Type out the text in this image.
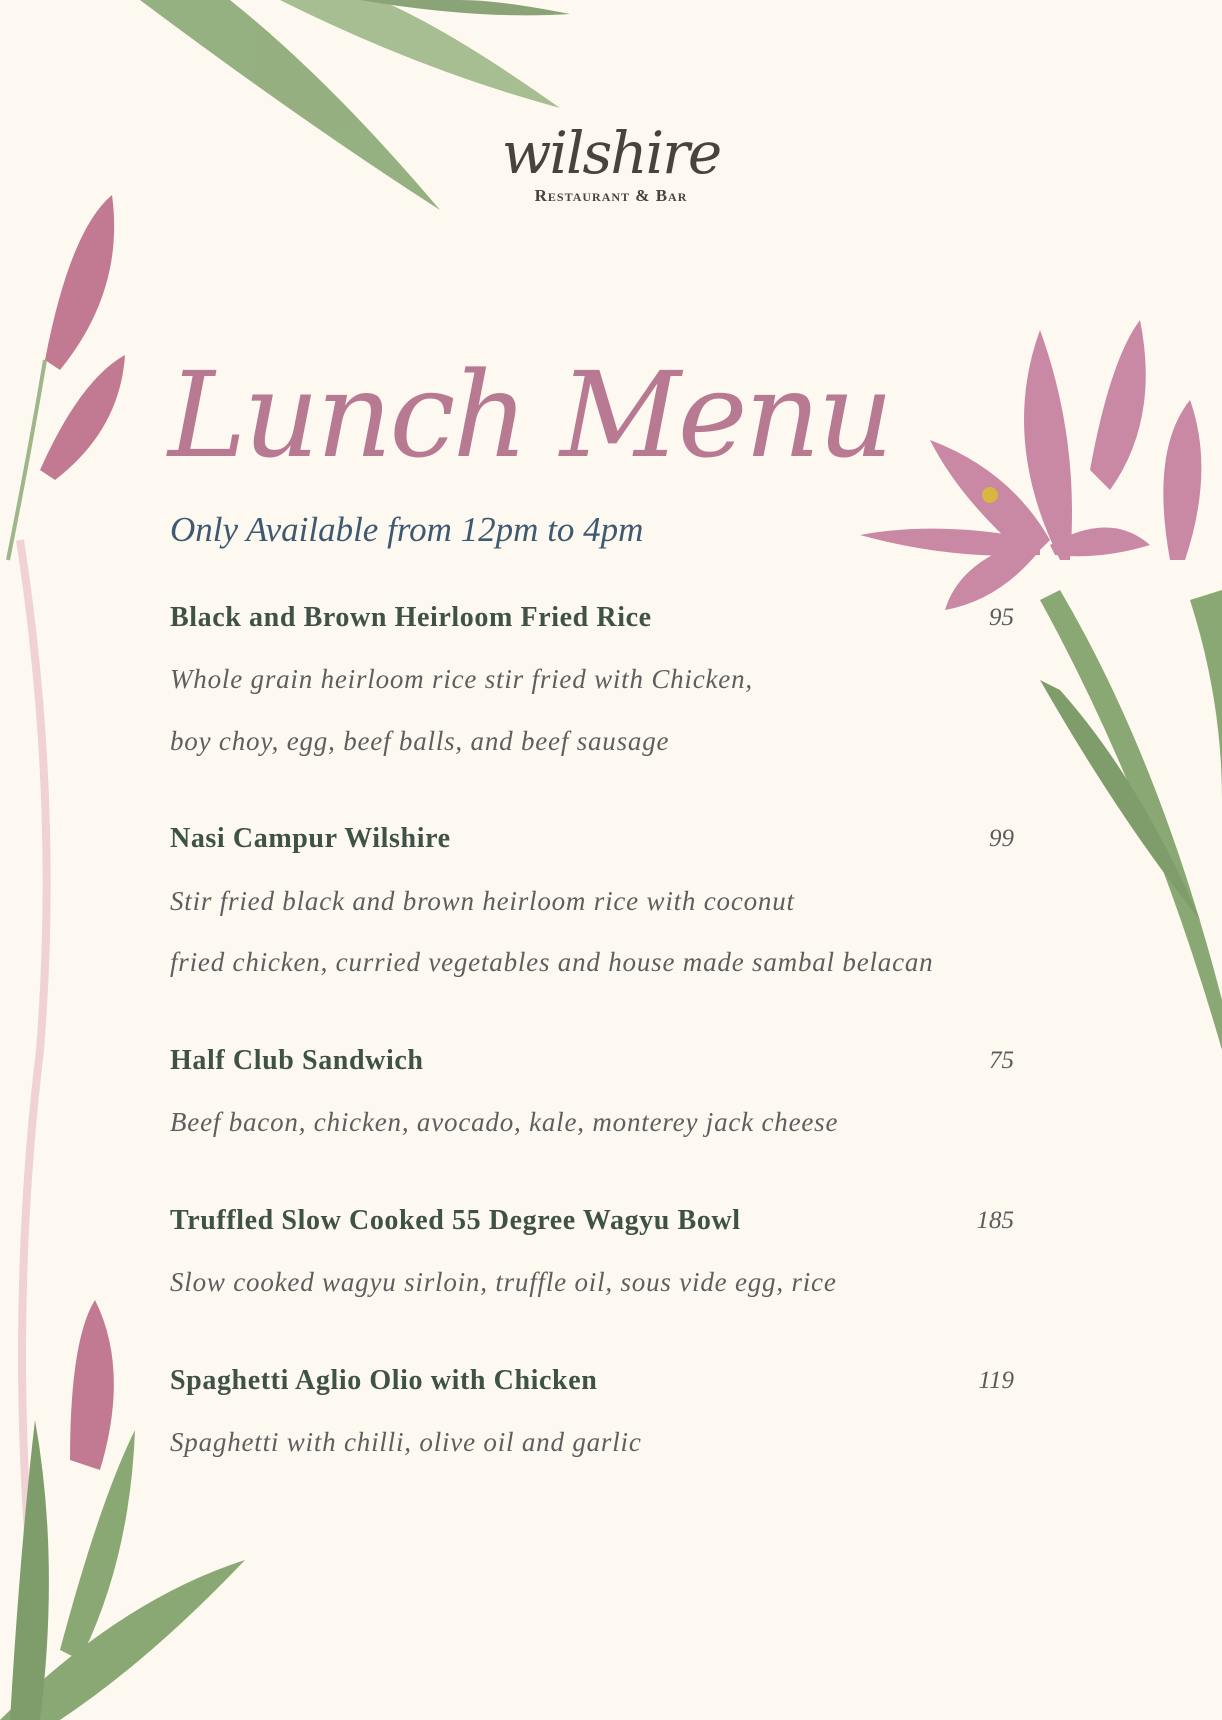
wilshire
Restaurant & Bar
Lunch Menu
Only Available from 12pm to 4pm
Black and Brown Heirloom Fried Rice	95
Whole grain heirloom rice stir fried with Chicken,
boy choy, egg, beef balls, and beef sausage
Nasi Campur Wilshire	99
Stir fried black and brown heirloom rice with coconut
fried chicken, curried vegetables and house made sambal belacan
Half Club Sandwich	75
Beef bacon, chicken, avocado, kale, monterey jack cheese
Truffled Slow Cooked 55 Degree Wagyu Bowl	185
Slow cooked wagyu sirloin, truffle oil, sous vide egg, rice
Spaghetti Aglio Olio with Chicken	119
Spaghetti with chilli, olive oil and garlic
